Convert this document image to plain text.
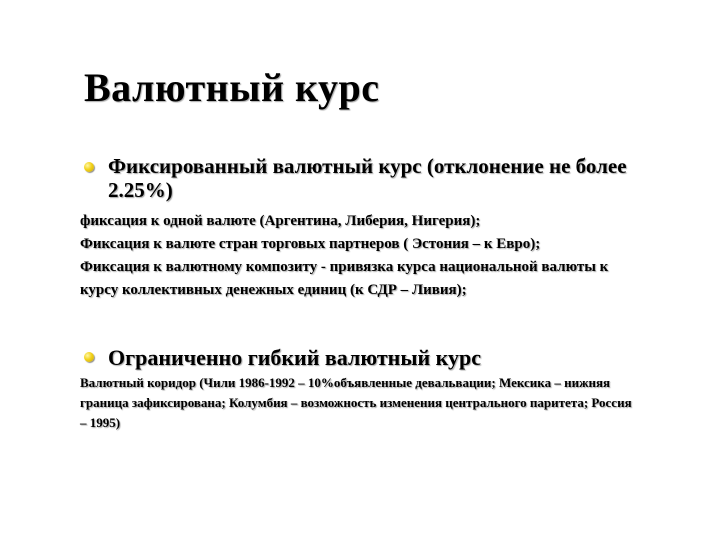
Валютный курс
Фиксированный валютный курс (отклонение не более 2.25%)

фиксация к одной валюте (Аргентина, Либерия, Нигерия);

Фиксация к валюте стран торговых партнеров ( Эстония – к Евро);

Фиксация к валютному композиту - привязка курса национальной валюты к курсу коллективных денежных единиц (к СДР – Ливия);

Ограниченно гибкий валютный курс

Валютный коридор (Чили 1986-1992 – 10%объявленные девальвации; Мексика – нижняя граница зафиксирована; Колумбия – возможность изменения центрального паритета; Россия – 1995)
